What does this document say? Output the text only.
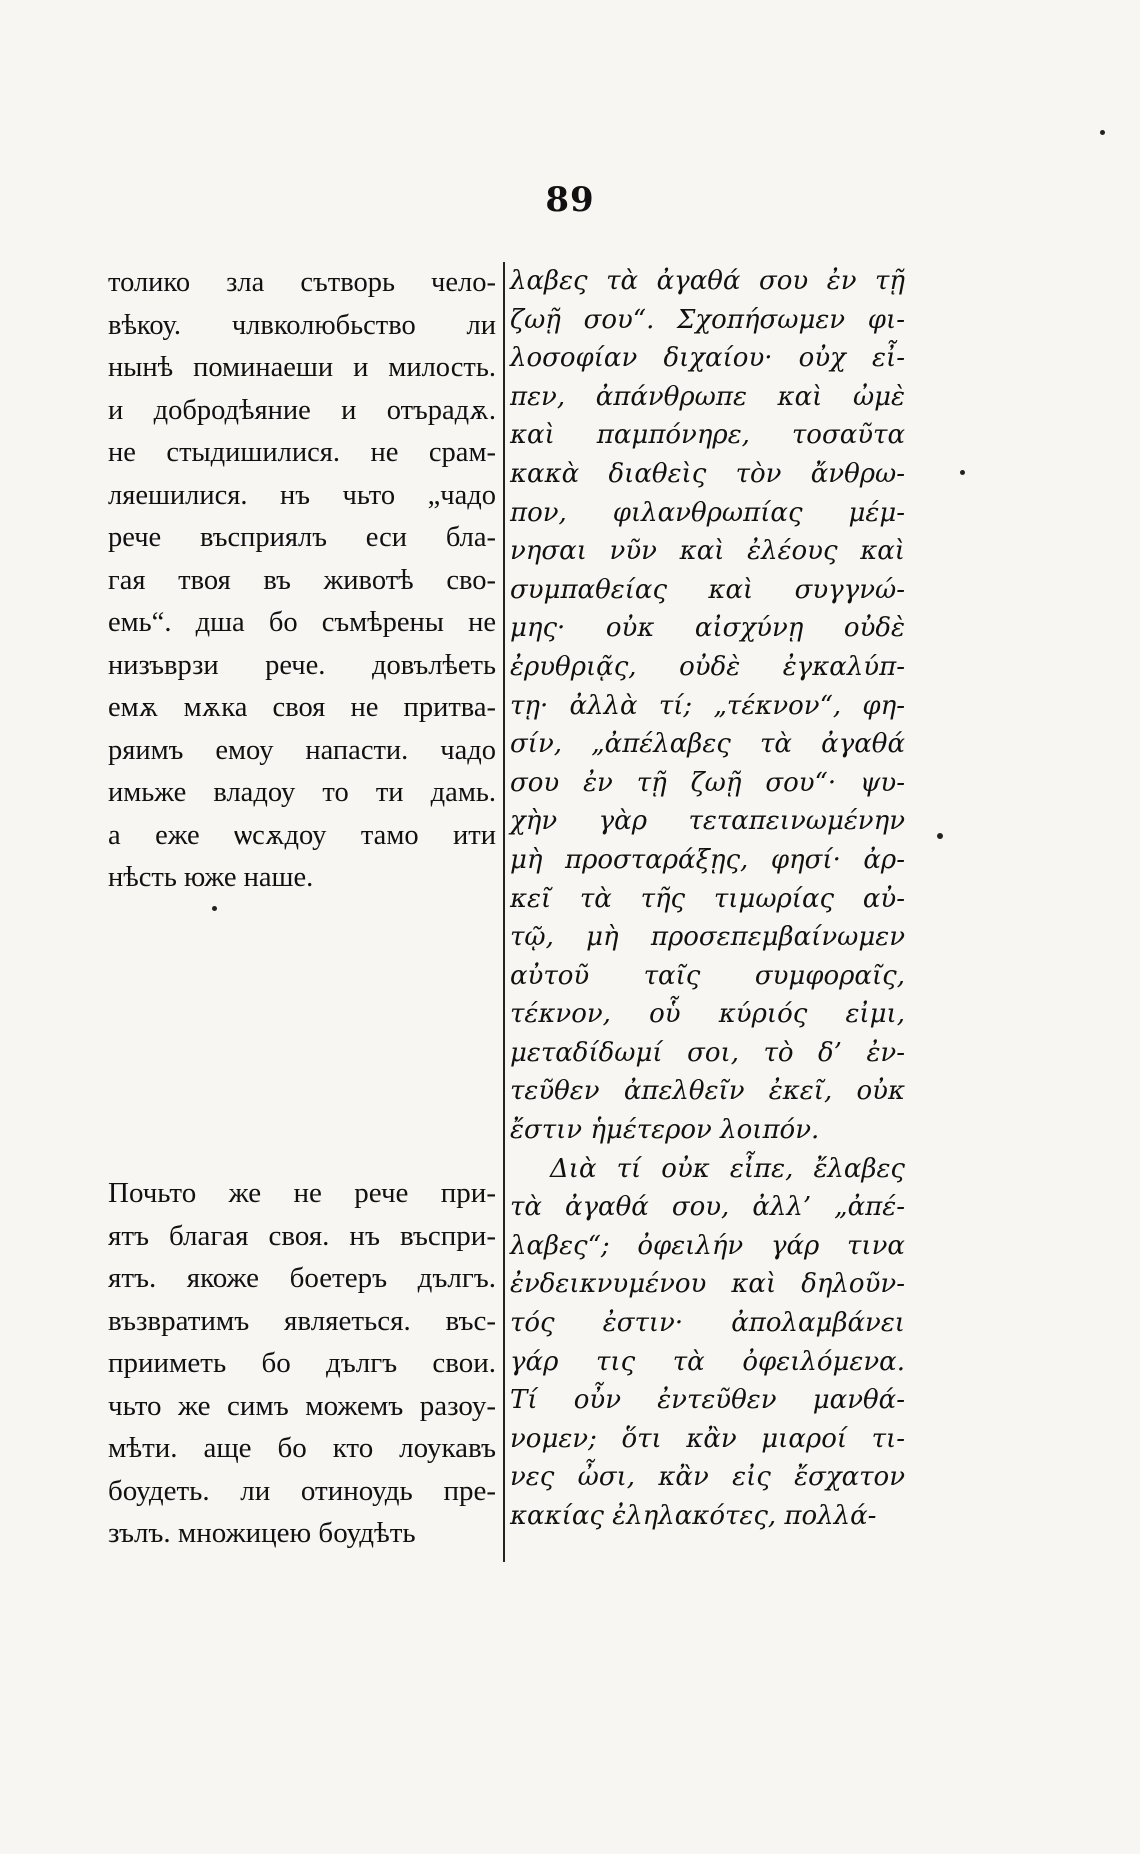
89
толико зла сътворь чело-
вѣкоу. члвколюбьство ли
нынѣ поминаеши и милость.
и добродѣяние и отърадѫ.
не стыдишилися. не срам-
ляешилися. нъ чьто „чадо
рече въсприялъ еси бла-
гая твоя въ животѣ сво-
емь“. дша бо съмѣрены не
низъврзи рече. довълѣеть
емѫ мѫка своя не притва-
ряимъ емоу напасти. чадо
имьже владоу то ти дамь.
а еже ѡсѫдоу тамо ити
нѣсть юже наше.
Почьто же не рече при-
ятъ благая своя. нъ въспри-
ятъ. якоже боетеръ дългъ.
възвратимъ являеться. въс-
прииметь бо дългъ свои.
чьто же симъ можемъ разоу-
мѣти. аще бо кто лоукавъ
боудеть. ли отиноудь пре-
зълъ. множицею боудѣть
λαβες τὰ ἀγαθά σου ἐν τῇ
ζωῇ σου“. Σχοπήσωμεν φι-
λοσοφίαν διχαίου· οὐχ εἶ-
πεν, ἀπάνθρωπε καὶ ὠμὲ
καὶ παμπόνηρε, τοσαῦτα
κακὰ διαθεὶς τὸν ἄνθρω-
πον, φιλανθρωπίας μέμ-
νησαι νῦν καὶ ἐλέους καὶ
συμπαθείας καὶ συγγνώ-
μης· οὐκ αἰσχύνῃ οὐδὲ
ἐρυθριᾷς, οὐδὲ ἐγκαλύπ-
τῃ· ἀλλὰ τί; „τέκνον“, φη-
σίν, „ἀπέλαβες τὰ ἀγαθά
σου ἐν τῇ ζωῇ σου“· ψυ-
χὴν γὰρ τεταπεινωμένην
μὴ προσταράξῃς, φησί· ἀρ-
κεῖ τὰ τῆς τιμωρίας αὐ-
τῷ, μὴ προσεπεμβαίνωμεν
αὐτοῦ ταῖς συμφοραῖς,
τέκνον, οὗ κύριός εἰμι,
μεταδίδωμί σοι, τὸ δ’ ἐν-
τεῦθεν ἀπελθεῖν ἐκεῖ, οὐκ
ἔστιν ἡμέτερον λοιπόν.
Διὰ τί οὐκ εἶπε, ἔλαβες
τὰ ἀγαθά σου, ἀλλ’ „ἀπέ-
λαβες“; ὀφειλήν γάρ τινα
ἐνδεικνυμένου καὶ δηλοῦν-
τός ἐστιν· ἀπολαμβάνει
γάρ τις τὰ ὀφειλόμενα.
Τί οὖν ἐντεῦθεν μανθά-
νομεν; ὅτι κἂν μιαροί τι-
νες ὦσι, κἂν εἰς ἔσχατον
κακίας ἐληλακότες, πολλά-
